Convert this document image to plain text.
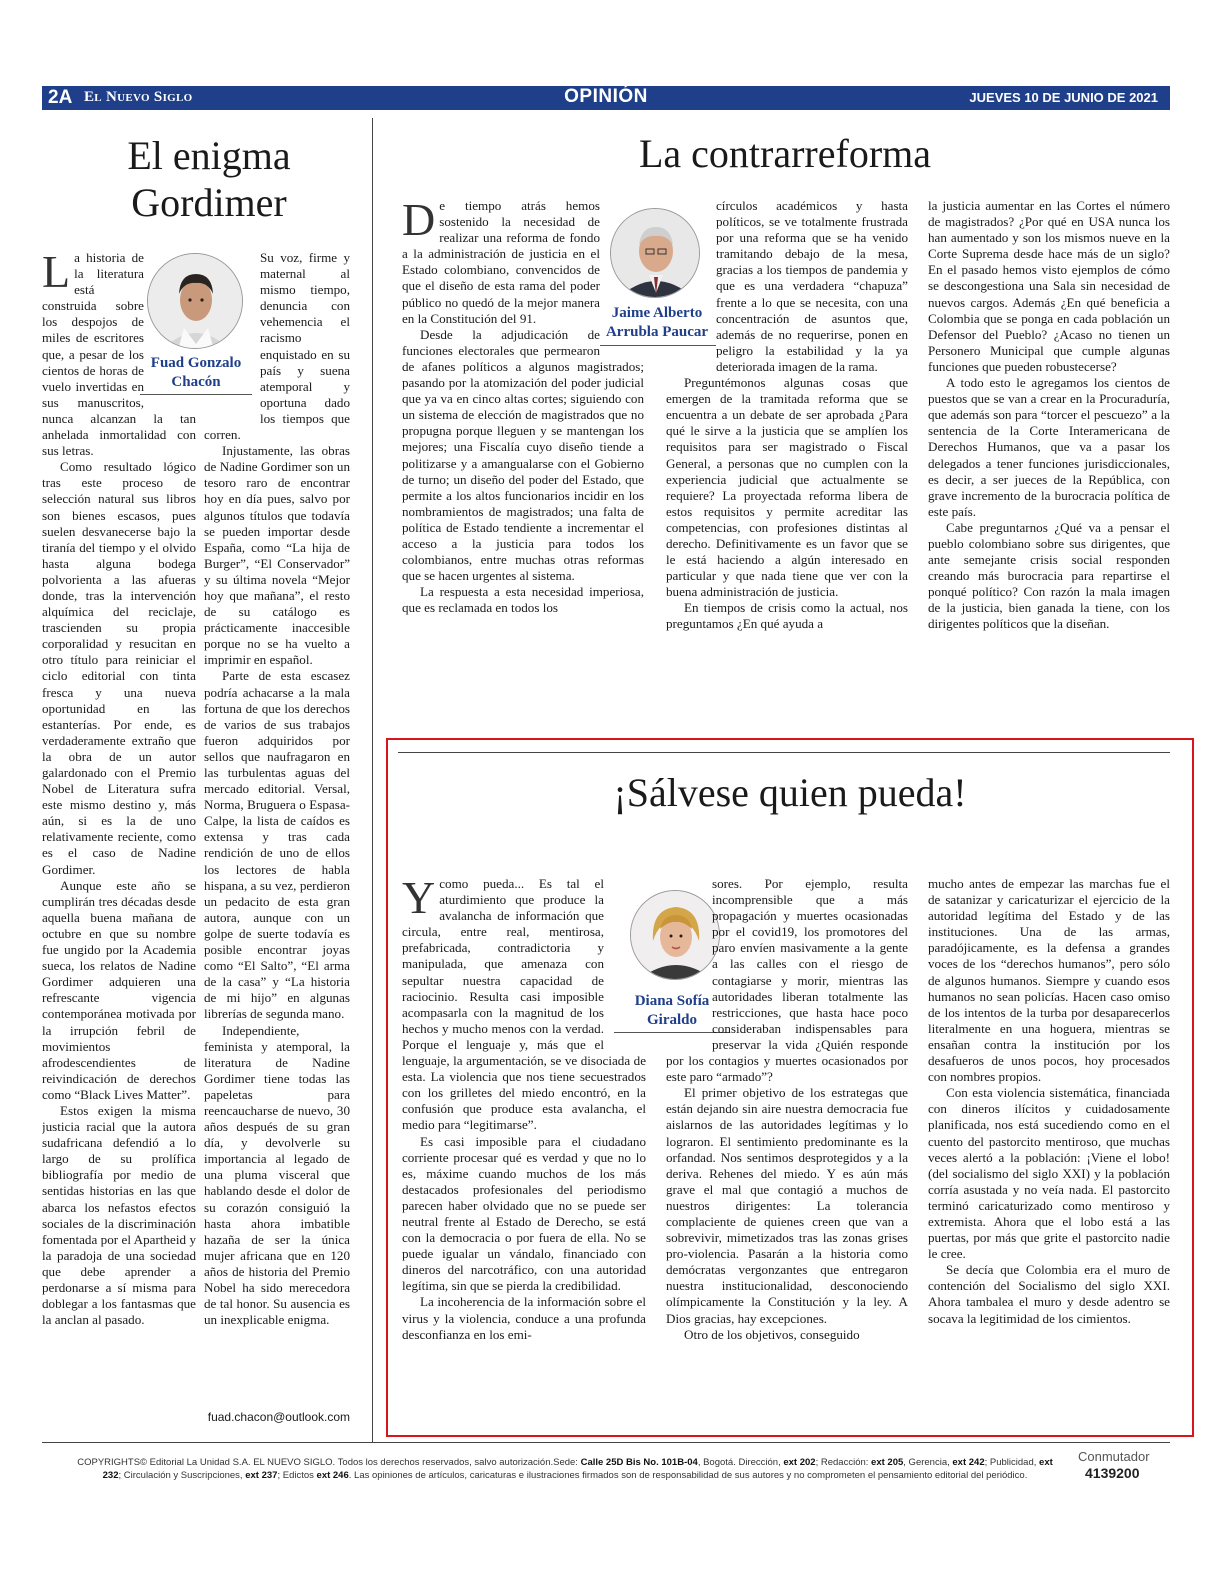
2A El Nuevo Siglo	OPINIÓN	JUEVES 10 DE JUNIO DE 2021
El enigma Gordimer
Fuad Gonzalo
Chacón

La historia de la literatura está construida sobre los despojos de miles de escritores que, a pesar de los cientos de horas de vuelo invertidas en sus manuscritos, nunca alcanzan la tan anhelada inmortalidad con sus letras.

Como resultado lógico tras este proceso de selección natural sus libros son bienes escasos, pues suelen desvanecerse bajo la tiranía del tiempo y el olvido hasta alguna bodega polvorienta a las afueras donde, tras la intervención alquímica del reciclaje, trascienden su propia corporalidad y resucitan en otro título para reiniciar el ciclo editorial con tinta fresca y una nueva oportunidad en las estanterías. Por ende, es verdaderamente extraño que la obra de un autor galardonado con el Premio Nobel de Literatura sufra este mismo destino y, más aún, si es la de uno relativamente reciente, como es el caso de Nadine Gordimer.

Aunque este año se cumplirán tres décadas desde aquella buena mañana de octubre en que su nombre fue ungido por la Academia sueca, los relatos de Nadine Gordimer adquieren una refrescante vigencia contemporánea motivada por la irrupción febril de movimientos afrodescendientes de reivindicación de derechos como “Black Lives Matter”.

Estos exigen la misma justicia racial que la autora sudafricana defendió a lo largo de su prolífica bibliografía por medio de sentidas historias en las que abarca los nefastos efectos sociales de la discriminación fomentada por el Apartheid y la paradoja de una sociedad que debe aprender a perdonarse a sí misma para doblegar a los fantasmas que la anclan al pasado.

Su voz, firme y maternal al mismo tiempo, denuncia con vehemencia el racismo enquistado en su país y suena atemporal y oportuna dado los tiempos que corren.

Injustamente, las obras de Nadine Gordimer son un tesoro raro de encontrar hoy en día pues, salvo por algunos títulos que todavía se pueden importar desde España, como “La hija de Burger”, “El Conservador” y su última novela “Mejor hoy que mañana”, el resto de su catálogo es prácticamente inaccesible porque no se ha vuelto a imprimir en español.

Parte de esta escasez podría achacarse a la mala fortuna de que los derechos de varios de sus trabajos fueron adquiridos por sellos que naufragaron en las turbulentas aguas del mercado editorial. Versal, Norma, Bruguera o Espasa-Calpe, la lista de caídos es extensa y tras cada rendición de uno de ellos los lectores de habla hispana, a su vez, perdieron un pedacito de esta gran autora, aunque con un golpe de suerte todavía es posible encontrar joyas como “El Salto”, “El arma de la casa” y “La historia de mi hijo” en algunas librerías de segunda mano.

Independiente, feminista y atemporal, la literatura de Nadine Gordimer tiene todas las papeletas para reencaucharse de nuevo, 30 años después de su gran día, y devolverle su importancia al legado de una pluma visceral que hablando desde el dolor de su corazón consiguió la hasta ahora imbatible hazaña de ser la única mujer africana que en 120 años de historia del Premio Nobel ha sido merecedora de tal honor. Su ausencia es un inexplicable enigma.

fuad.chacon@outlook.com
La contrarreforma
Jaime Alberto
Arrubla Paucar

De tiempo atrás hemos sostenido la necesidad de realizar una reforma de fondo a la administración de justicia en el Estado colombiano, convencidos de que el diseño de esta rama del poder público no quedó de la mejor manera en la Constitución del 91.

Desde la adjudicación de funciones electorales que permearon de afanes políticos a algunos magistrados; pasando por la atomización del poder judicial que ya va en cinco altas cortes; siguiendo con un sistema de elección de magistrados que no propugna porque lleguen y se mantengan los mejores; una Fiscalía cuyo diseño tiende a politizarse y a amangualarse con el Gobierno de turno; un diseño del poder del Estado, que permite a los altos funcionarios incidir en los nombramientos de magistrados; una falta de política de Estado tendiente a incrementar el acceso a la justicia para todos los colombianos, entre muchas otras reformas que se hacen urgentes al sistema.

La respuesta a esta necesidad imperiosa, que es reclamada en todos los

círculos académicos y hasta políticos, se ve totalmente frustrada por una reforma que se ha venido tramitando debajo de la mesa, gracias a los tiempos de pandemia y que es una verdadera “chapuza” frente a lo que se necesita, con una concentración de asuntos que, además de no requerirse, ponen en peligro la estabilidad y la ya deteriorada imagen de la rama.

Preguntémonos algunas cosas que emergen de la tramitada reforma que se encuentra a un debate de ser aprobada ¿Para qué le sirve a la justicia que se amplíen los requisitos para ser magistrado o Fiscal General, a personas que no cumplen con la experiencia judicial que actualmente se requiere? La proyectada reforma libera de estos requisitos y permite acreditar las competencias, con profesiones distintas al derecho. Definitivamente es un favor que se le está haciendo a algún interesado en particular y que nada tiene que ver con la buena administración de justicia.

En tiempos de crisis como la actual, nos preguntamos ¿En qué ayuda a

la justicia aumentar en las Cortes el número de magistrados? ¿Por qué en USA nunca los han aumentado y son los mismos nueve en la Corte Suprema desde hace más de un siglo? En el pasado hemos visto ejemplos de cómo se descongestiona una Sala sin necesidad de nuevos cargos. Además ¿En qué beneficia a Colombia que se ponga en cada población un Defensor del Pueblo? ¿Acaso no tienen un Personero Municipal que cumple algunas funciones que pueden robustecerse?

A todo esto le agregamos los cientos de puestos que se van a crear en la Procuraduría, que además son para “torcer el pescuezo” a la sentencia de la Corte Interamericana de Derechos Humanos, que va a pasar los delegados a tener funciones jurisdiccionales, es decir, a ser jueces de la República, con grave incremento de la burocracia política de este país.

Cabe preguntarnos ¿Qué va a pensar el pueblo colombiano sobre sus dirigentes, que ante semejante crisis social responden creando más burocracia para repartirse el ponqué político? Con razón la mala imagen de la justicia, bien ganada la tiene, con los dirigentes políticos que la diseñan.

¡Sálvese quien pueda!
Diana Sofía
Giraldo

Ycomo pueda... Es tal el aturdimiento que produce la avalancha de información que circula, entre real, mentirosa, prefabricada, contradictoria y manipulada, que amenaza con sepultar nuestra capacidad de raciocinio. Resulta casi imposible acompasarla con la magnitud de los hechos y mucho menos con la verdad. Porque el lenguaje y, más que el lenguaje, la argumentación, se ve disociada de esta. La violencia que nos tiene secuestrados con los grilletes del miedo encontró, en la confusión que produce esta avalancha, el medio para “legitimarse”.

Es casi imposible para el ciudadano corriente procesar qué es verdad y que no lo es, máxime cuando muchos de los más destacados profesionales del periodismo parecen haber olvidado que no se puede ser neutral frente al Estado de Derecho, se está con la democracia o por fuera de ella. No se puede igualar un vándalo, financiado con dineros del narcotráfico, con una autoridad legítima, sin que se pierda la credibilidad.

La incoherencia de la información sobre el virus y la violencia, conduce a una profunda desconfianza en los emi-

sores. Por ejemplo, resulta incomprensible que a más propagación y muertes ocasionadas por el covid19, los promotores del paro envíen masivamente a la gente a las calles con el riesgo de contagiarse y morir, mientras las autoridades liberan totalmente las restricciones, que hasta hace poco consideraban indispensables para preservar la vida ¿Quién responde por los contagios y muertes ocasionados por este paro “armado”?

El primer objetivo de los estrategas que están dejando sin aire nuestra democracia fue aislarnos de las autoridades legítimas y lo lograron. El sentimiento predominante es la orfandad. Nos sentimos desprotegidos y a la deriva. Rehenes del miedo. Y es aún más grave el mal que contagió a muchos de nuestros dirigentes: La tolerancia complaciente de quienes creen que van a sobrevivir, mimetizados tras las zonas grises pro-violencia. Pasarán a la historia como demócratas vergonzantes que entregaron nuestra institucionalidad, desconociendo olímpicamente la Constitución y la ley. A Dios gracias, hay excepciones.

Otro de los objetivos, conseguido

mucho antes de empezar las marchas fue el de satanizar y caricaturizar el ejercicio de la autoridad legítima del Estado y de las instituciones. Una de las armas, paradójicamente, es la defensa a grandes voces de los “derechos humanos”, pero sólo de algunos humanos. Siempre y cuando esos humanos no sean policías. Hacen caso omiso de los intentos de la turba por desaparecerlos literalmente en una hoguera, mientras se ensañan contra la institución por los desafueros de unos pocos, hoy procesados con nombres propios.

Con esta violencia sistemática, financiada con dineros ilícitos y cuidadosamente planificada, nos está sucediendo como en el cuento del pastorcito mentiroso, que muchas veces alertó a la población: ¡Viene el lobo! (del socialismo del siglo XXI) y la población corría asustada y no veía nada. El pastorcito terminó caricaturizado como mentiroso y extremista. Ahora que el lobo está a las puertas, por más que grite el pastorcito nadie le cree.

Se decía que Colombia era el muro de contención del Socialismo del siglo XXI. Ahora tambalea el muro y desde adentro se socava la legitimidad de los cimientos.

COPYRIGHTS© Editorial La Unidad S.A. EL NUEVO SIGLO. Todos los derechos reservados, salvo autorización.Sede: Calle 25D Bis No. 101B-04, Bogotá. Dirección, ext 202; Redacción: ext 205, Gerencia, ext 242; Publicidad, ext 232; Circulación y Suscripciones, ext 237; Edictos ext 246. Las opiniones de artículos, caricaturas e ilustraciones firmados son de responsabilidad de sus autores y no comprometen el pensamiento editorial del periódico.
Conmutador
4139200
